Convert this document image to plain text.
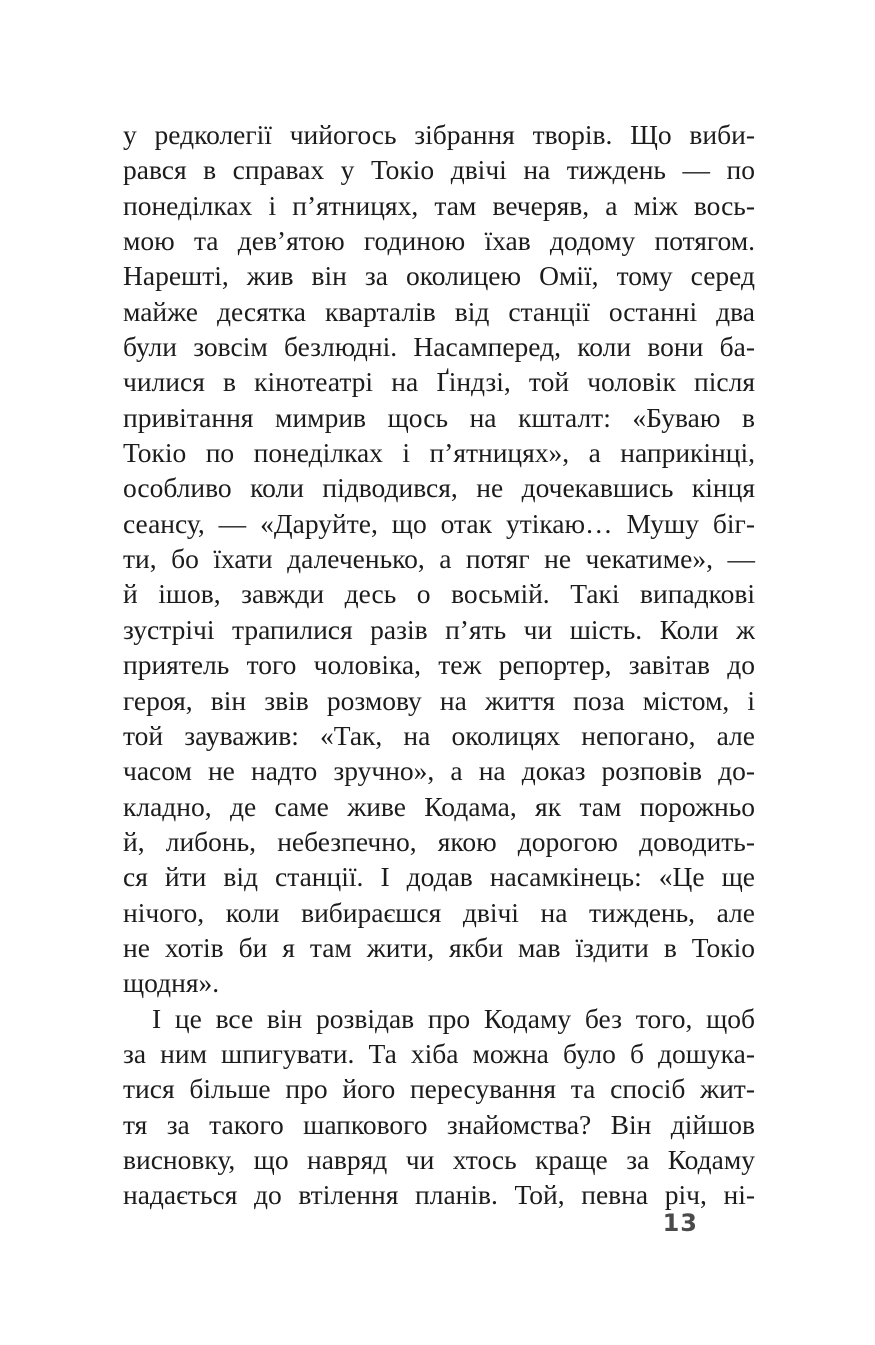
у редколегії чийогось зібрання творів. Що виби-
рався в справах у Токіо двічі на тиждень — по
понеділках і п’ятницях, там вечеряв, а між вось-
мою та дев’ятою годиною їхав додому потягом.
Нарешті, жив він за околицею Омії, тому серед
майже десятка кварталів від станції останні два
були зовсім безлюдні. Насамперед, коли вони ба-
чилися в кінотеатрі на Ґіндзі, той чоловік після
привітання мимрив щось на кшталт: «Буваю в
Токіо по понеділках і п’ятницях», а наприкінці,
особливо коли підводився, не дочекавшись кінця
сеансу, — «Даруйте, що отак утікаю… Мушу біг-
ти, бо їхати далеченько, а потяг не чекатиме», —
й ішов, завжди десь о восьмій. Такі випадкові
зустрічі трапилися разів п’ять чи шість. Коли ж
приятель того чоловіка, теж репортер, завітав до
героя, він звів розмову на життя поза містом, і
той зауважив: «Так, на околицях непогано, але
часом не надто зручно», а на доказ розповів до-
кладно, де саме живе Кодама, як там порожньо
й, либонь, небезпечно, якою дорогою доводить-
ся йти від станції. І додав насамкінець: «Це ще
нічого, коли вибираєшся двічі на тиждень, але
не хотів би я там жити, якби мав їздити в Токіо
щодня».
І це все він розвідав про Кодаму без того, щоб
за ним шпигувати. Та хіба можна було б дошука-
тися більше про його пересування та спосіб жит-
тя за такого шапкового знайомства? Він дійшов
висновку, що навряд чи хтось краще за Кодаму
надається до втілення планів. Той, певна річ, ні-
13
